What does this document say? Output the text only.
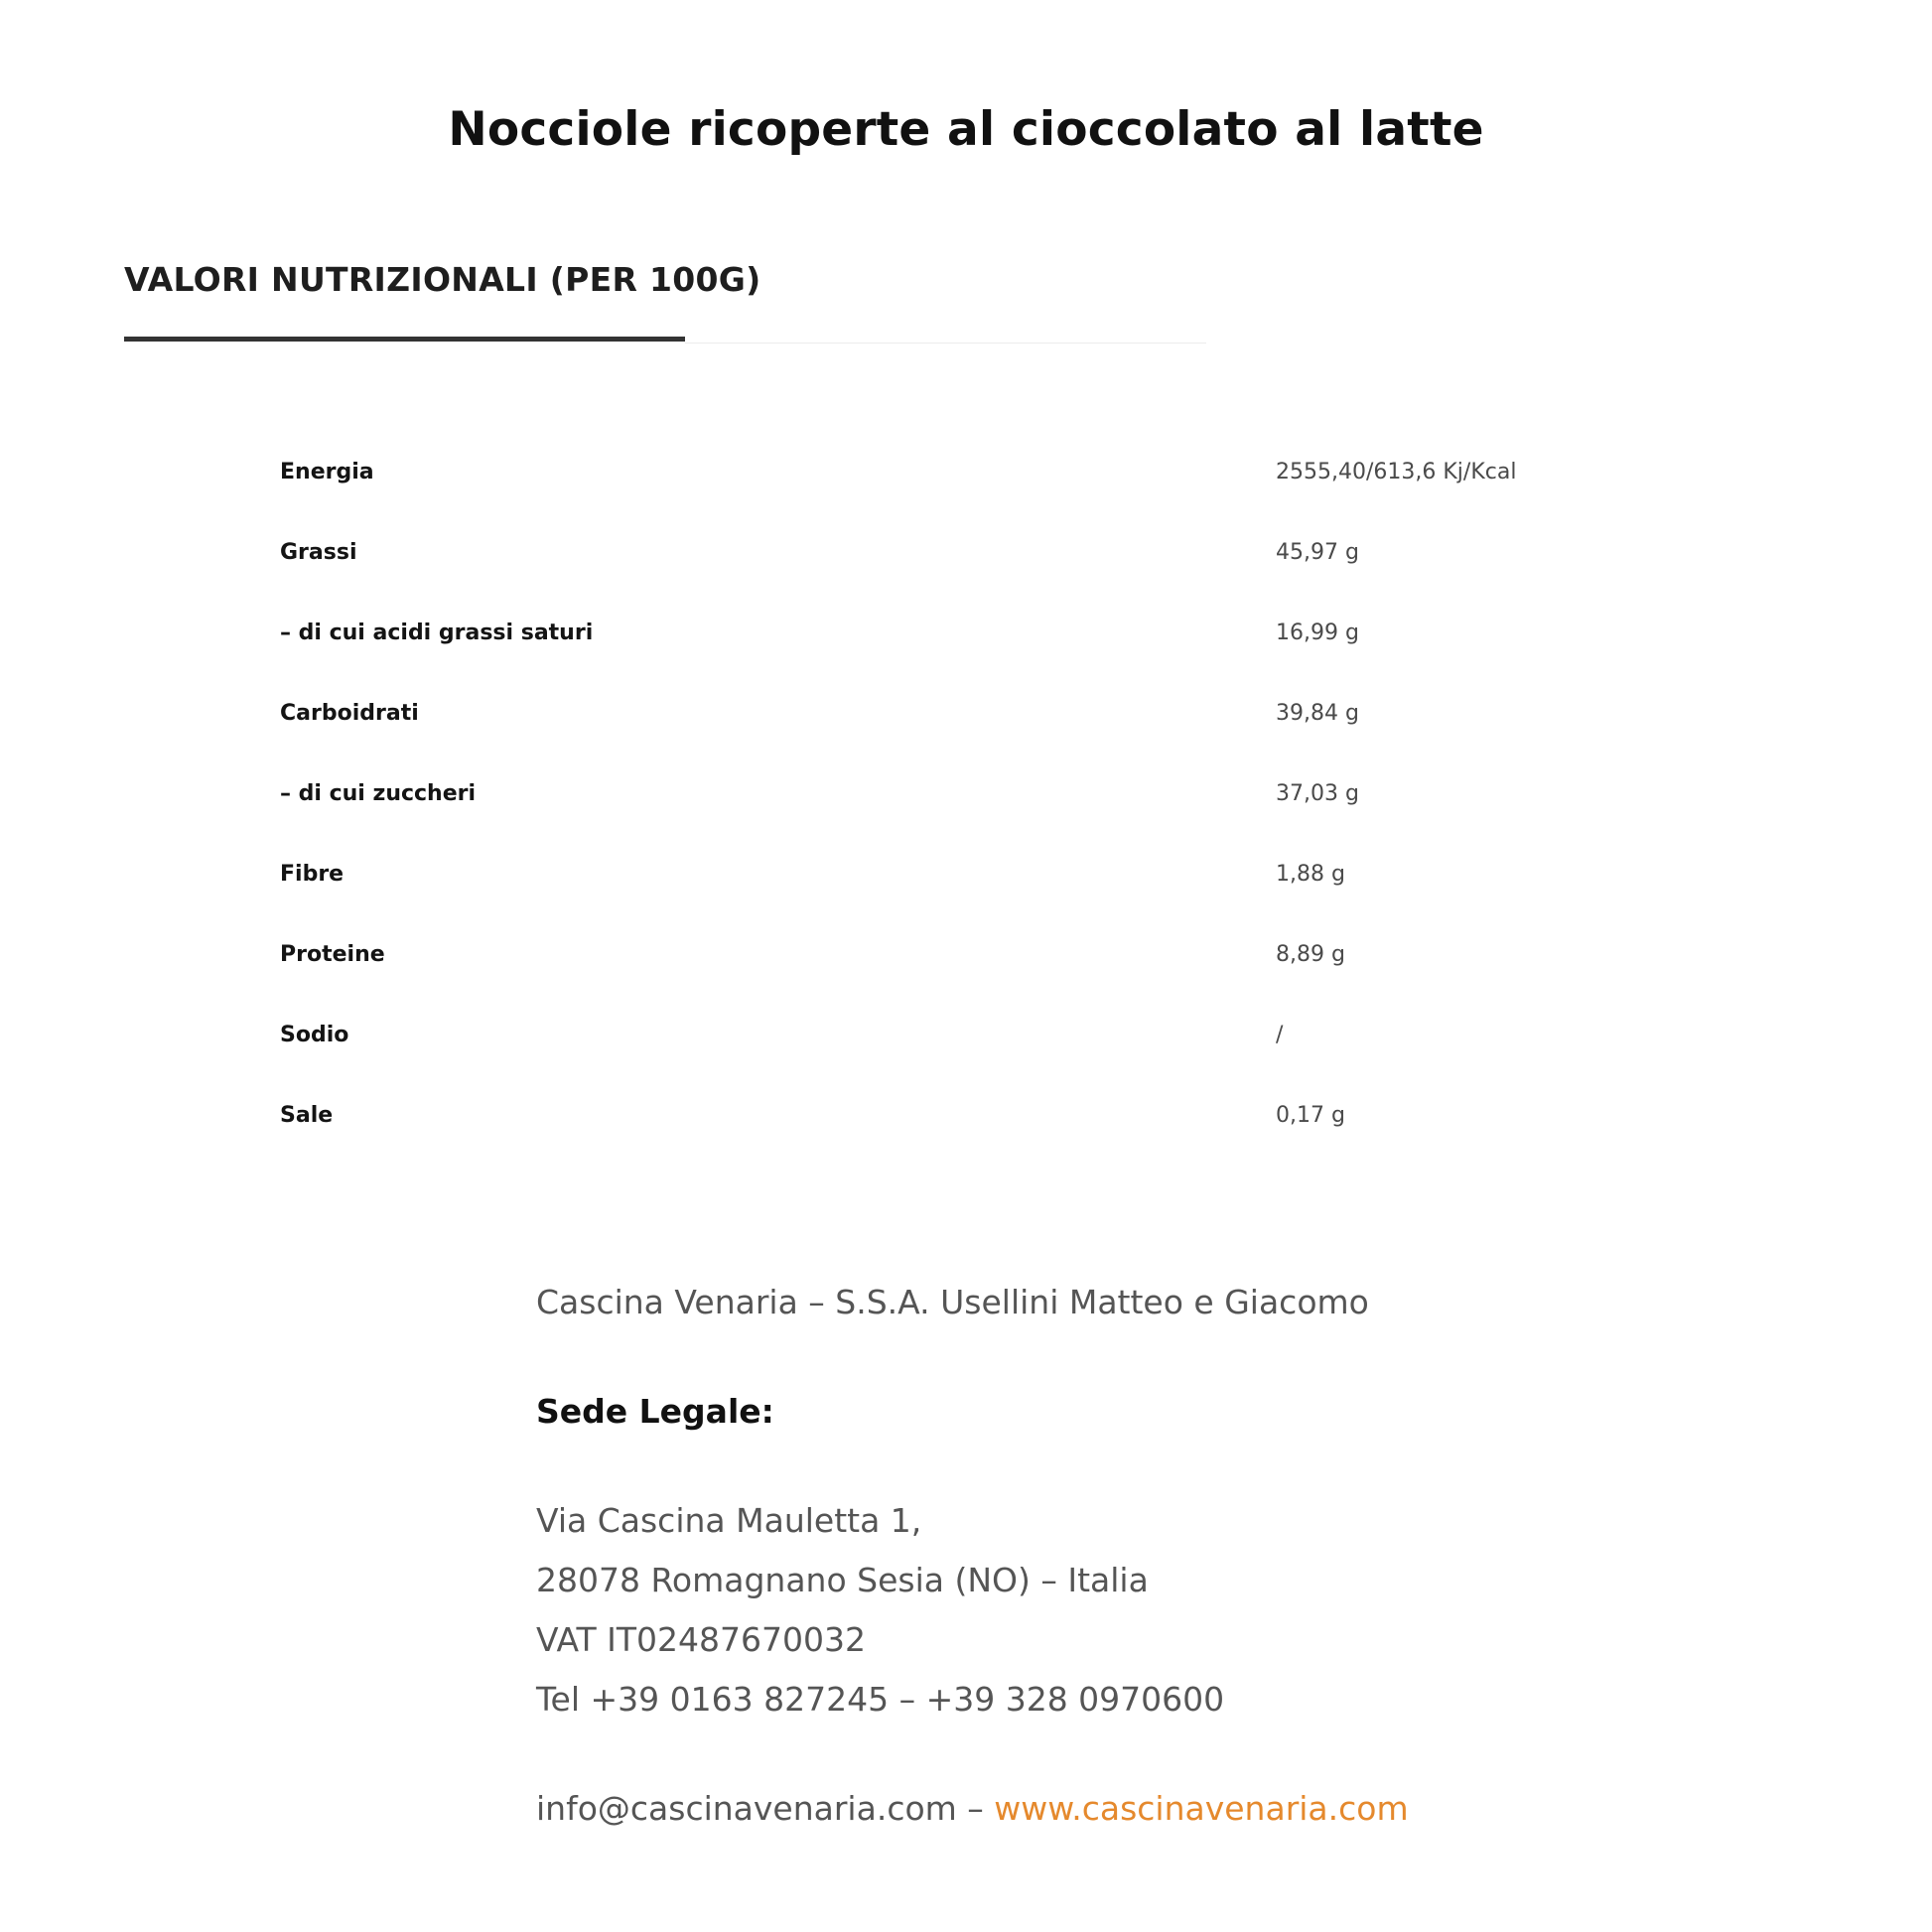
Nocciole ricoperte al cioccolato al latte
VALORI NUTRIZIONALI (PER 100G)
Energia	2555,40/613,6 Kj/Kcal
Grassi	45,97 g
– di cui acidi grassi saturi	16,99 g
Carboidrati	39,84 g
– di cui zuccheri	37,03 g
Fibre	1,88 g
Proteine	8,89 g
Sodio	/
Sale	0,17 g
Cascina Venaria – S.S.A. Usellini Matteo e Giacomo
Sede Legale:
Via Cascina Mauletta 1,
28078 Romagnano Sesia (NO) – Italia
VAT IT02487670032
Tel +39 0163 827245 – +39 328 0970600
info@cascinavenaria.com – www.cascinavenaria.com
